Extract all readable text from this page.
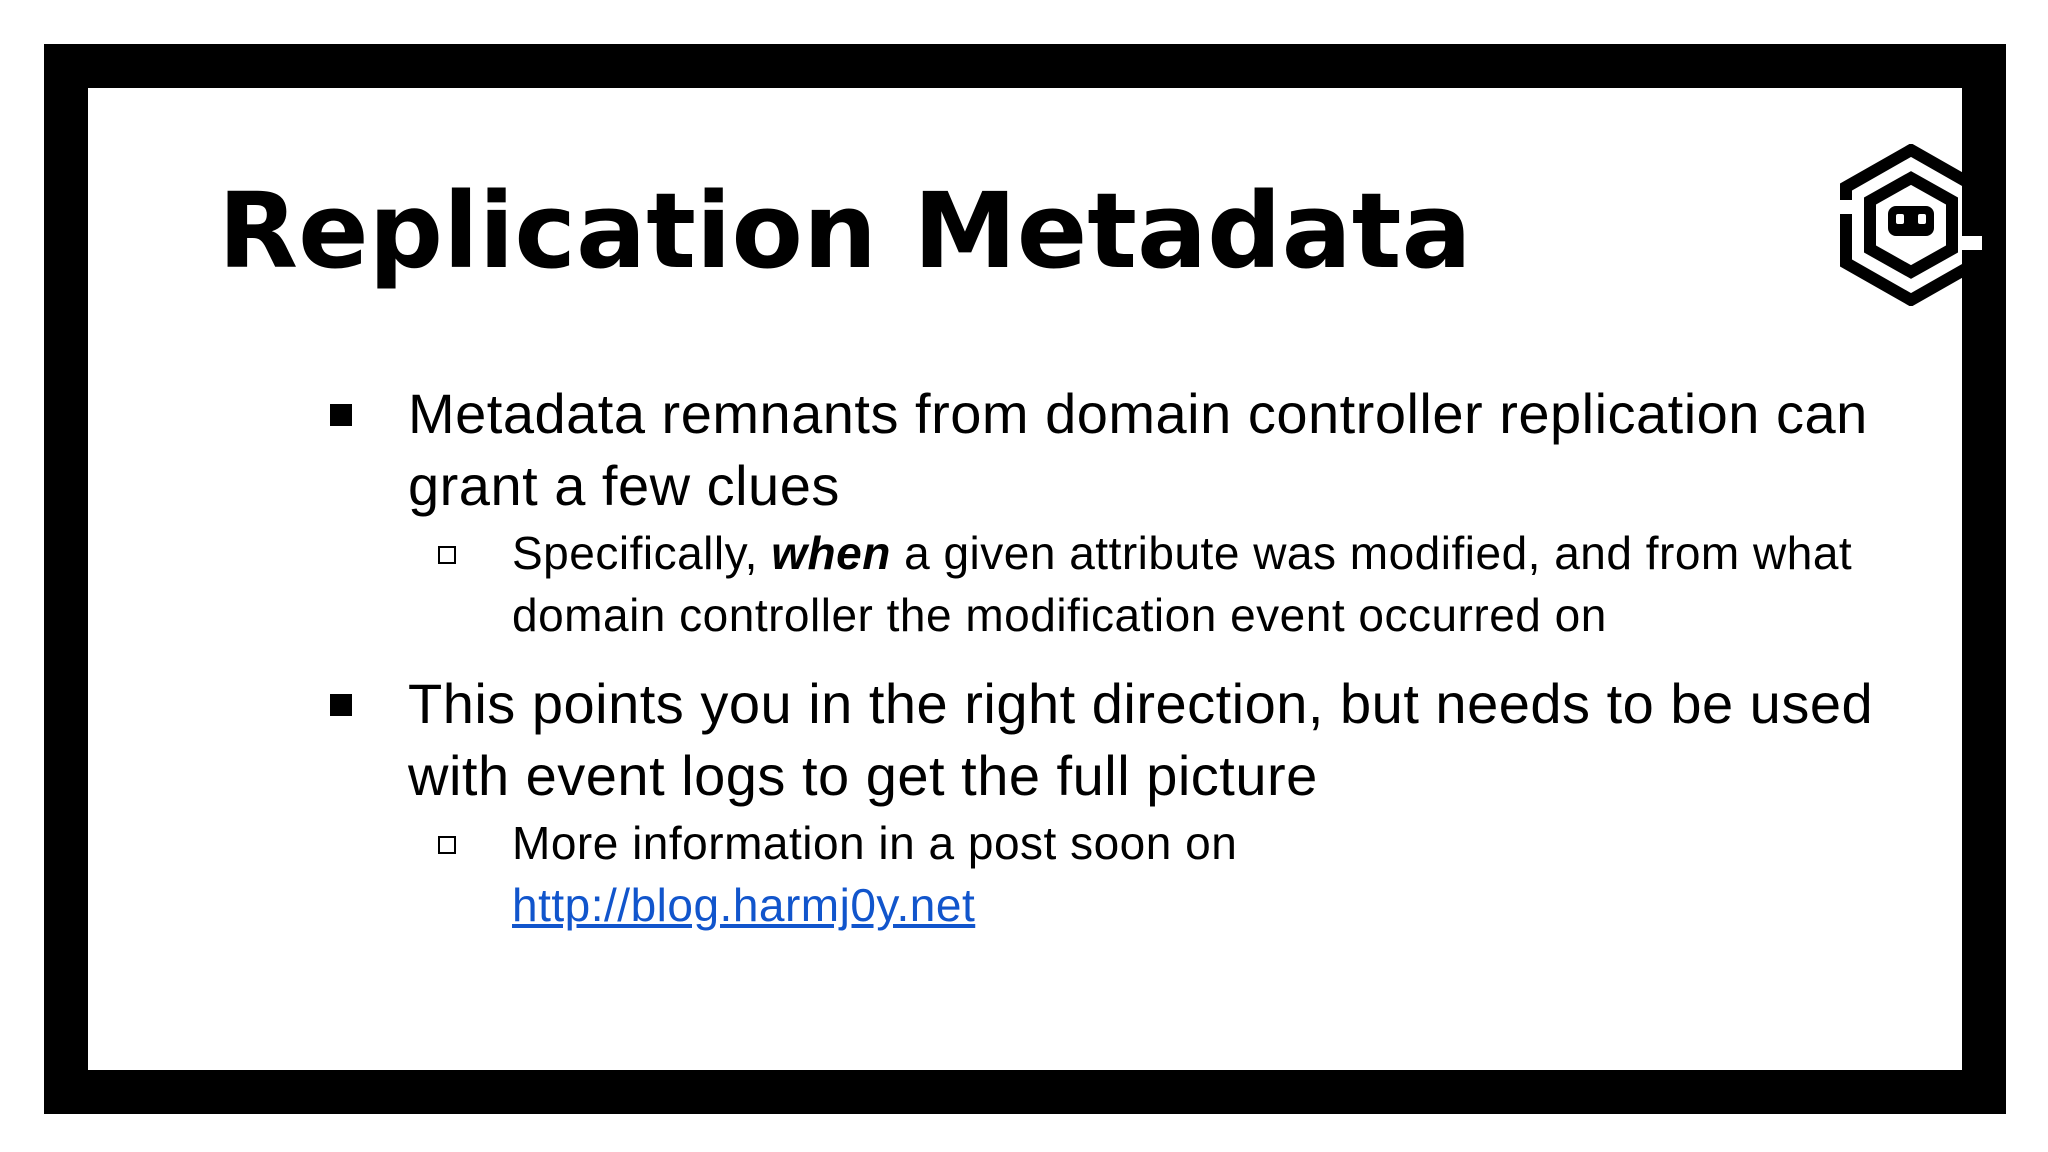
Replication Metadata
Metadata remnants from domain controller replication can grant a few clues
Specifically, when a given attribute was modified, and from what domain controller the modification event occurred on
This points you in the right direction, but needs to be used with event logs to get the full picture
More information in a post soon on
http://blog.harmj0y.net
